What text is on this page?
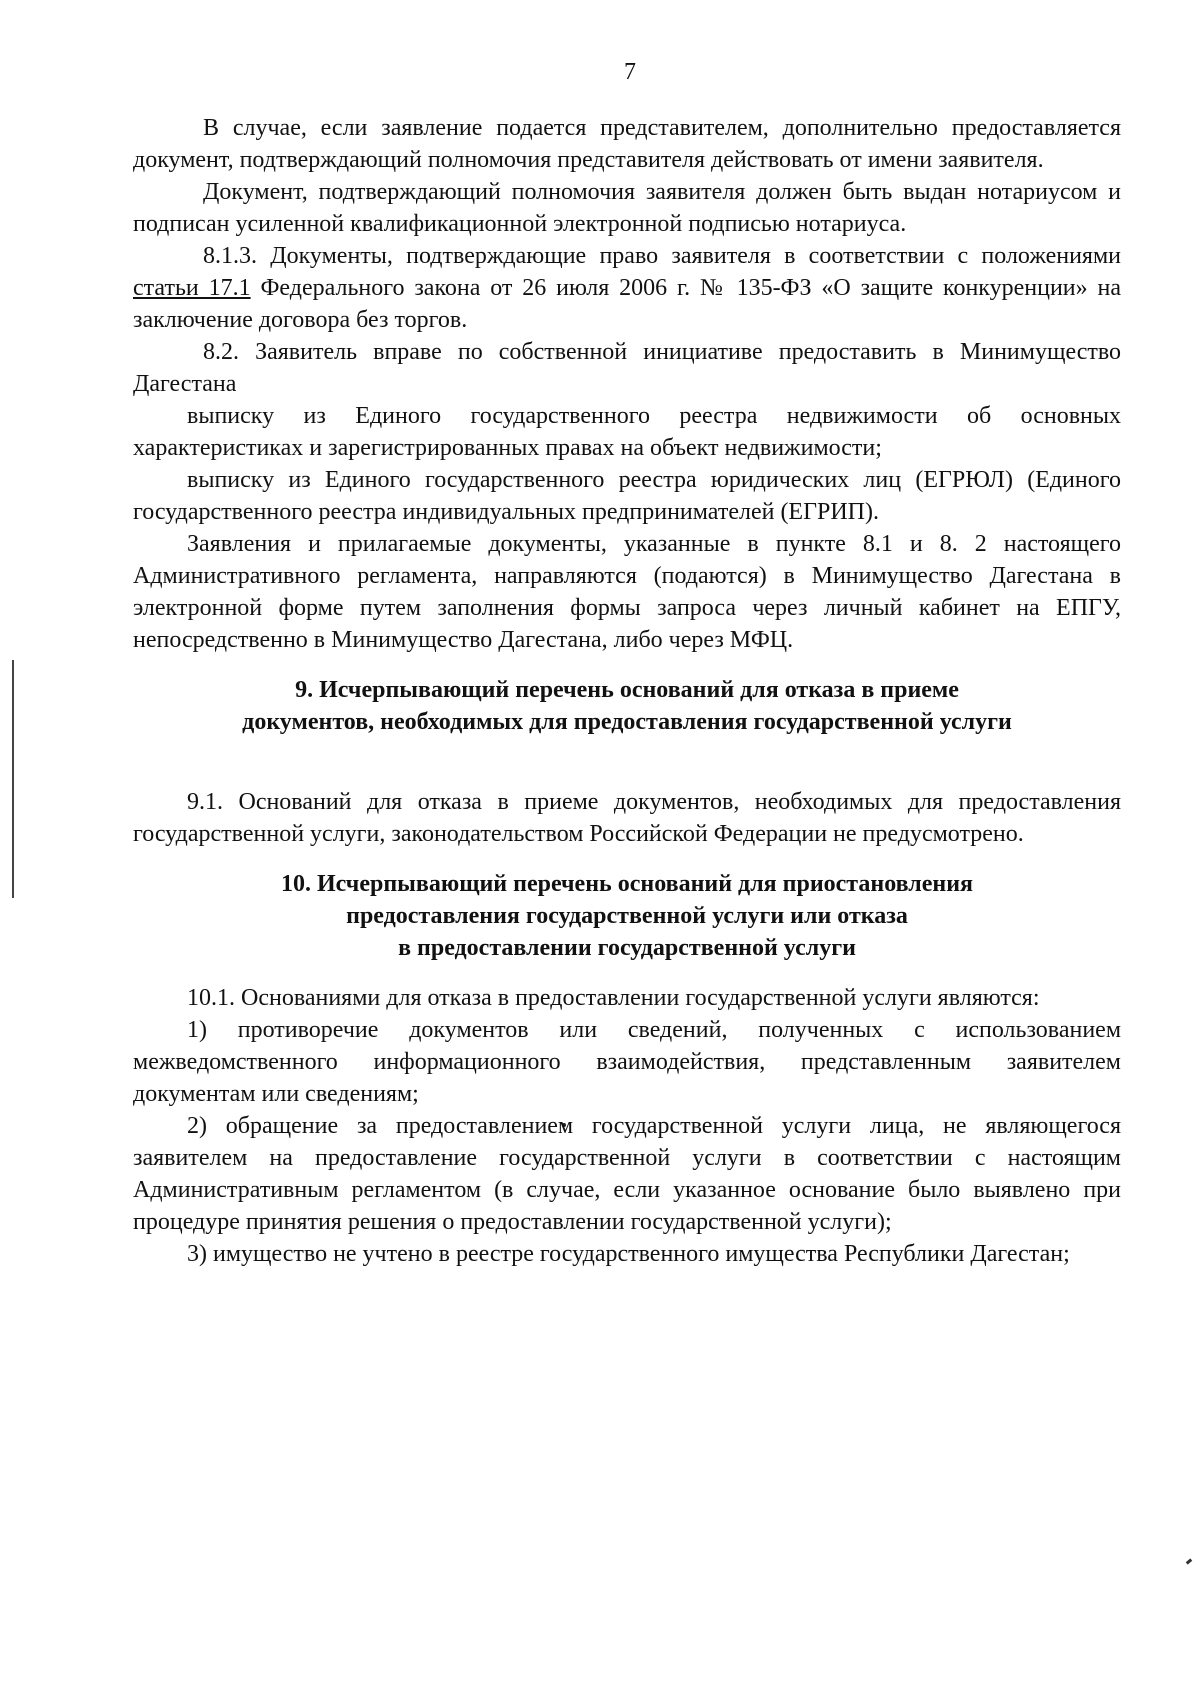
7

В случае, если заявление подается представителем, дополнительно предоставляется документ, подтверждающий полномочия представителя действовать от имени заявителя.

Документ, подтверждающий полномочия заявителя должен быть выдан нотариусом и подписан усиленной квалификационной электронной подписью нотариуса.

8.1.3. Документы, подтверждающие право заявителя в соответствии с положениями статьи 17.1 Федерального закона от 26 июля 2006 г. № 135-ФЗ «О защите конкуренции» на заключение договора без торгов.

8.2. Заявитель вправе по собственной инициативе предоставить в Минимущество Дагестана

выписку из Единого государственного реестра недвижимости об основных характеристиках и зарегистрированных правах на объект недвижимости;

выписку из Единого государственного реестра юридических лиц (ЕГРЮЛ) (Единого государственного реестра индивидуальных предпринимателей (ЕГРИП).

Заявления и прилагаемые документы, указанные в пункте 8.1 и 8. 2 настоящего Административного регламента, направляются (подаются) в Минимущество Дагестана в электронной форме путем заполнения формы запроса через личный кабинет на ЕПГУ, непосредственно в Минимущество Дагестана, либо через МФЦ.

9. Исчерпывающий перечень оснований для отказа в приеме
документов, необходимых для предоставления государственной услуги

9.1. Оснований для отказа в приеме документов, необходимых для предоставления государственной услуги, законодательством Российской Федерации не предусмотрено.

10. Исчерпывающий перечень оснований для приостановления
предоставления государственной услуги или отказа
в предоставлении государственной услуги

10.1. Основаниями для отказа в предоставлении государственной услуги являются:

1) противоречие документов или сведений, полученных с использованием межведомственного информационного взаимодействия, представленным заявителем документам или сведениям;

2) обращение за предоставлением государственной услуги лица, не являющегося заявителем на предоставление государственной услуги в соответствии с настоящим Административным регламентом (в случае, если указанное основание было выявлено при процедуре принятия решения о предоставлении государственной услуги);

3) имущество не учтено в реестре государственного имущества Республики Дагестан;
